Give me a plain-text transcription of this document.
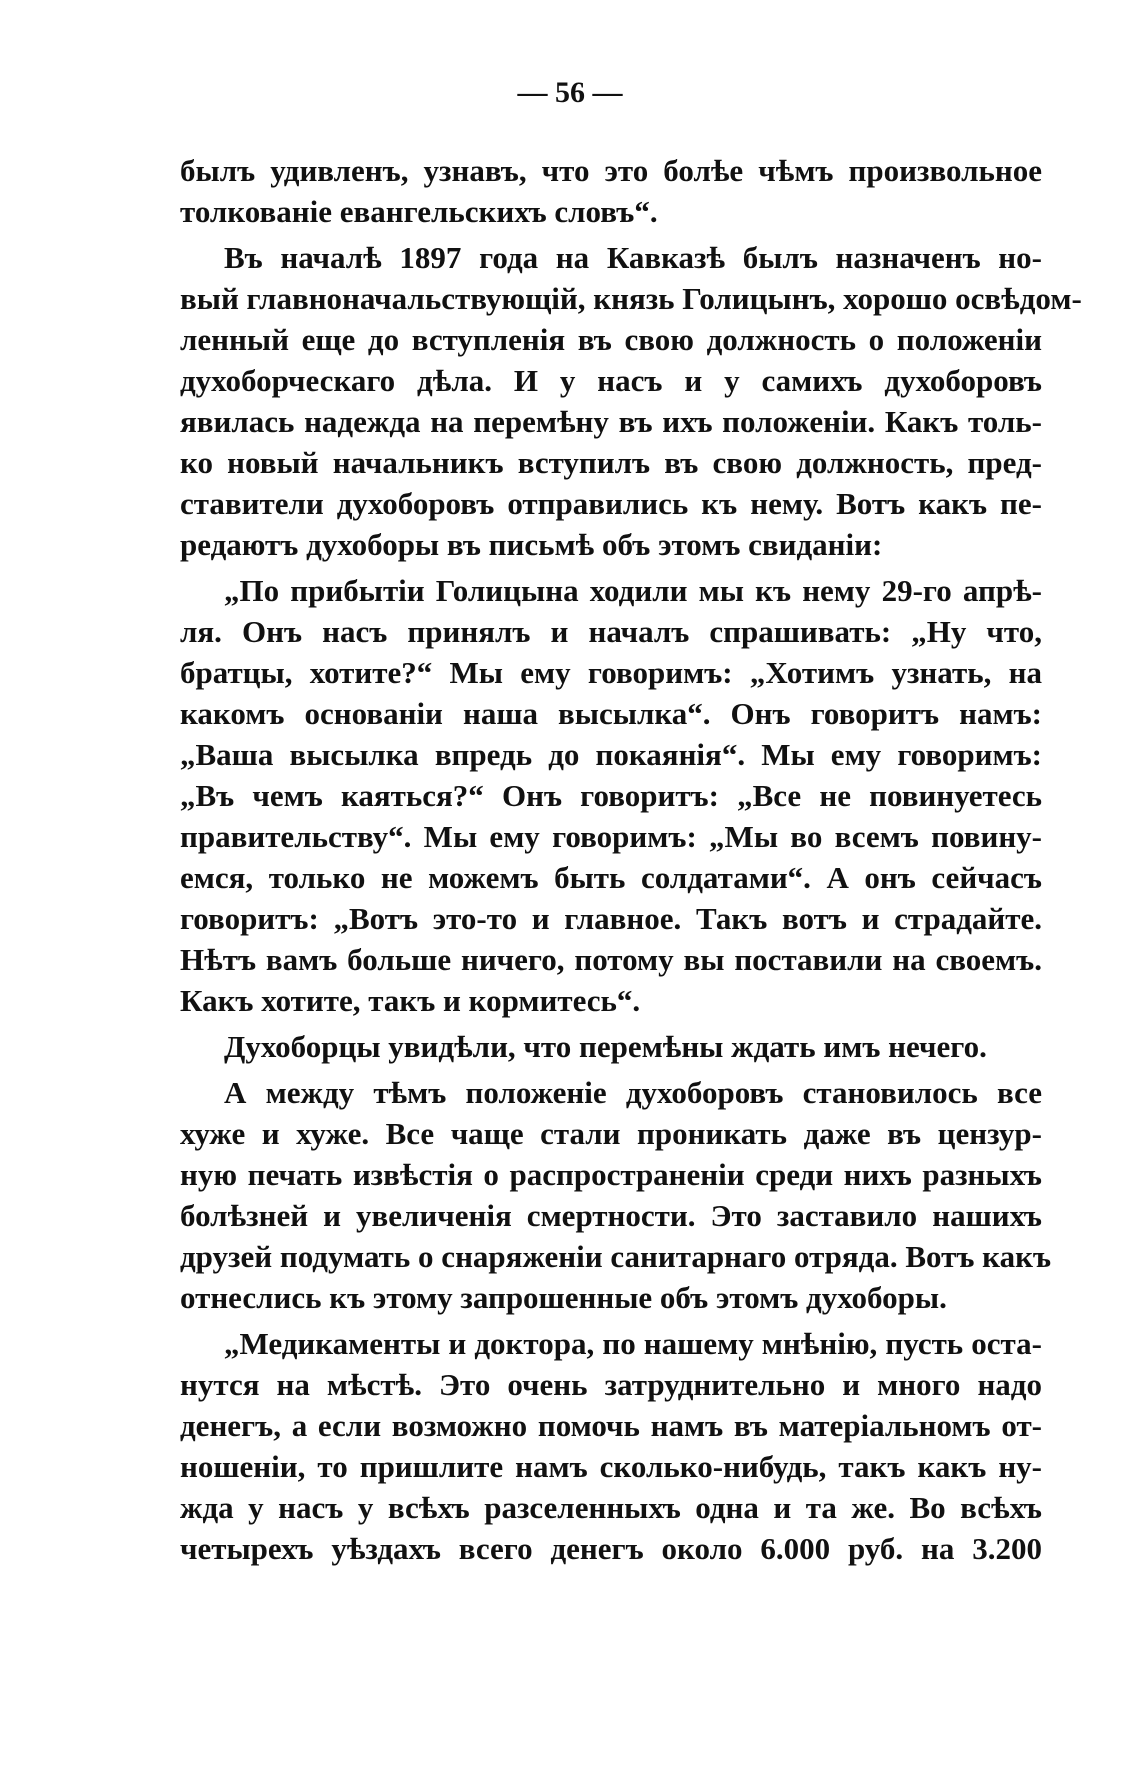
— 56 —

былъ удивленъ, узнавъ, что это болѣе чѣмъ произвольное
толкованіе евангельскихъ словъ“.

Въ началѣ 1897 года на Кавказѣ былъ назначенъ но-
вый главноначальствующій, князь Голицынъ, хорошо освѣдом-
ленный еще до вступленія въ свою должность о положеніи
духоборческаго дѣла. И у насъ и у самихъ духоборовъ
явилась надежда на перемѣну въ ихъ положеніи. Какъ толь-
ко новый начальникъ вступилъ въ свою должность, пред-
ставители духоборовъ отправились къ нему. Вотъ какъ пе-
редаютъ духоборы въ письмѣ объ этомъ свиданіи:

„По прибытіи Голицына ходили мы къ нему 29-го апрѣ-
ля. Онъ насъ принялъ и началъ спрашивать: „Ну что,
братцы, хотите?“ Мы ему говоримъ: „Хотимъ узнать, на
какомъ основаніи наша высылка“. Онъ говоритъ намъ:
„Ваша высылка впредь до покаянія“. Мы ему говоримъ:
„Въ чемъ каяться?“ Онъ говоритъ: „Все не повинуетесь
правительству“. Мы ему говоримъ: „Мы во всемъ повину-
емся, только не можемъ быть солдатами“. А онъ сейчасъ
говоритъ: „Вотъ это-то и главное. Такъ вотъ и страдайте.
Нѣтъ вамъ больше ничего, потому вы поставили на своемъ.
Какъ хотите, такъ и кормитесь“.

Духоборцы увидѣли, что перемѣны ждать имъ нечего.

А между тѣмъ положеніе духоборовъ становилось все
хуже и хуже. Все чаще стали проникать даже въ цензур-
ную печать извѣстія о распространеніи среди нихъ разныхъ
болѣзней и увеличенія смертности. Это заставило нашихъ
друзей подумать о снаряженіи санитарнаго отряда. Вотъ какъ
отнеслись къ этому запрошенные объ этомъ духоборы.

„Медикаменты и доктора, по нашему мнѣнію, пусть оста-
нутся на мѣстѣ. Это очень затруднительно и много надо
денегъ, а если возможно помочь намъ въ матеріальномъ от-
ношеніи, то пришлите намъ сколько-нибудь, такъ какъ ну-
жда у насъ у всѣхъ разселенныхъ одна и та же. Во всѣхъ
четырехъ уѣздахъ всего денегъ около 6.000 руб. на 3.200
